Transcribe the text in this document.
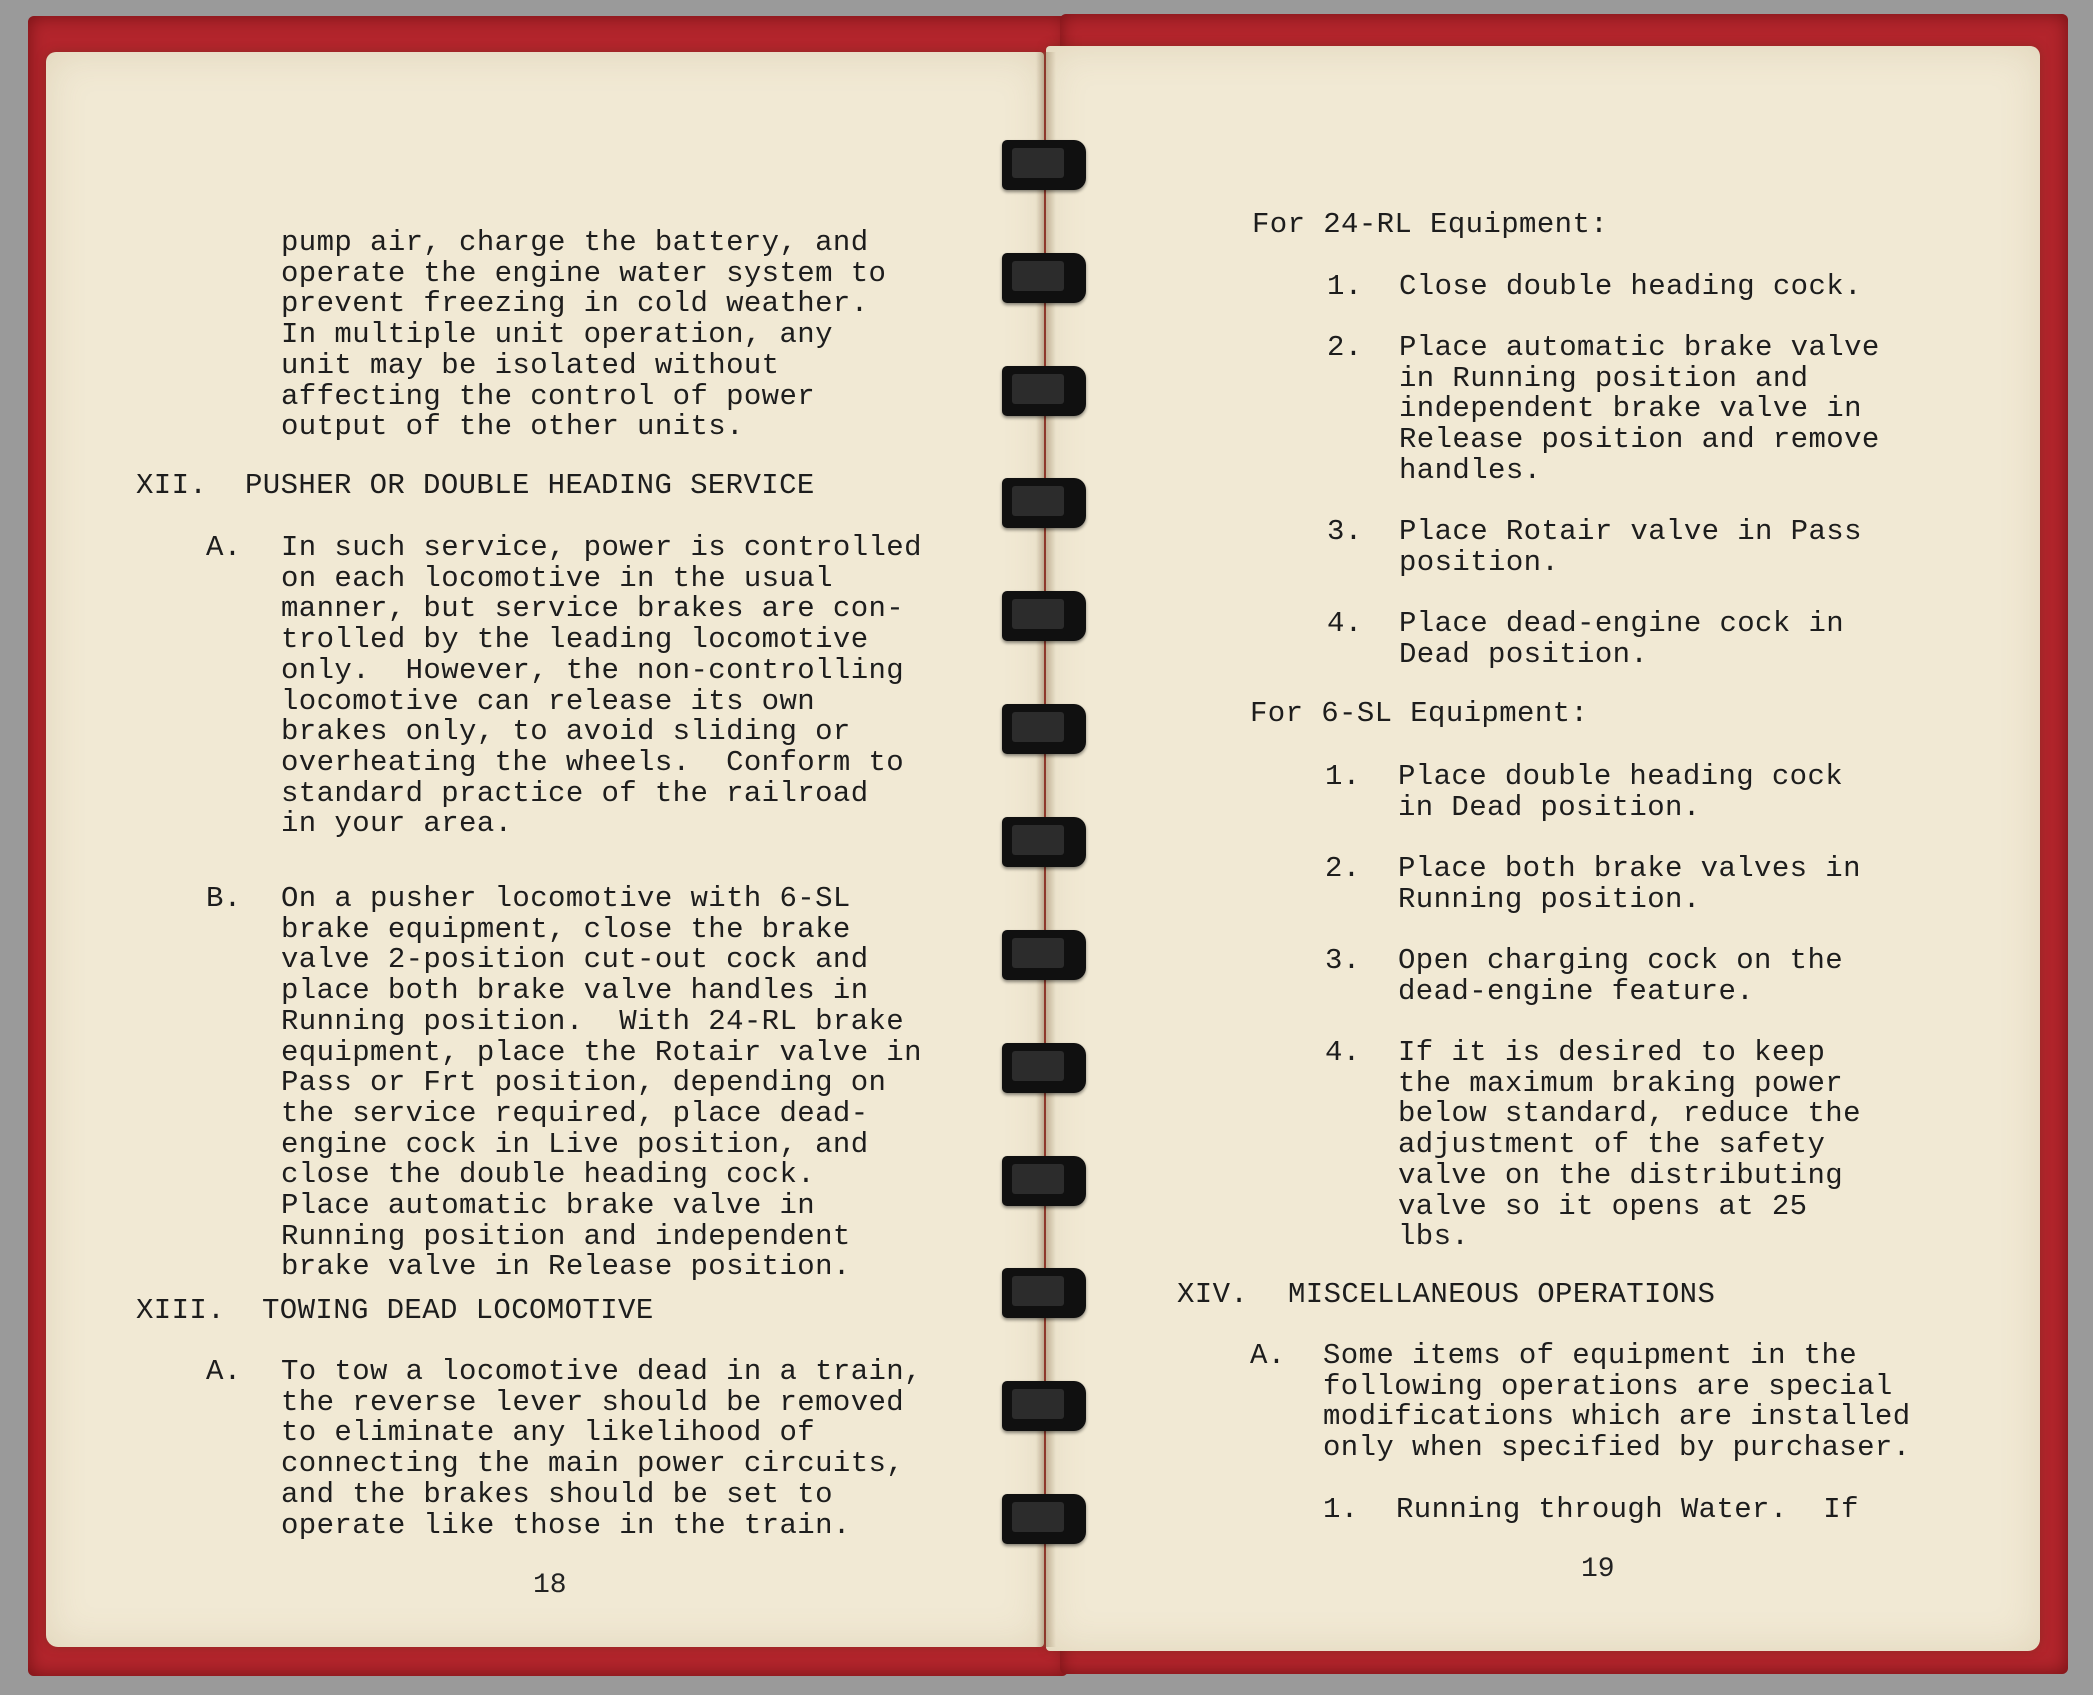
pump air, charge the battery, and
operate the engine water system to
prevent freezing in cold weather.
In multiple unit operation, any
unit may be isolated without
affecting the control of power
output of the other units.
XII. PUSHER OR DOUBLE HEADING SERVICE
A. In such service, power is controlled
on each locomotive in the usual
manner, but service brakes are con-
trolled by the leading locomotive
only.  However, the non-controlling
locomotive can release its own
brakes only, to avoid sliding or
overheating the wheels.  Conform to
standard practice of the railroad
in your area.
B. On a pusher locomotive with 6-SL
brake equipment, close the brake
valve 2-position cut-out cock and
place both brake valve handles in
Running position.  With 24-RL brake
equipment, place the Rotair valve in
Pass or Frt position, depending on
the service required, place dead-
engine cock in Live position, and
close the double heading cock.
Place automatic brake valve in
Running position and independent
brake valve in Release position.
XIII. TOWING DEAD LOCOMOTIVE
A. To tow a locomotive dead in a train,
the reverse lever should be removed
to eliminate any likelihood of
connecting the main power circuits,
and the brakes should be set to
operate like those in the train.
18
For 24-RL Equipment:
1. Close double heading cock.
2. Place automatic brake valve
in Running position and
independent brake valve in
Release position and remove
handles.
3. Place Rotair valve in Pass
position.
4. Place dead-engine cock in
Dead position.
For 6-SL Equipment:
1. Place double heading cock
in Dead position.
2. Place both brake valves in
Running position.
3. Open charging cock on the
dead-engine feature.
4. If it is desired to keep
the maximum braking power
below standard, reduce the
adjustment of the safety
valve on the distributing
valve so it opens at 25
lbs.
XIV. MISCELLANEOUS OPERATIONS
A. Some items of equipment in the
following operations are special
modifications which are installed
only when specified by purchaser.
1. Running through Water.  If
19
